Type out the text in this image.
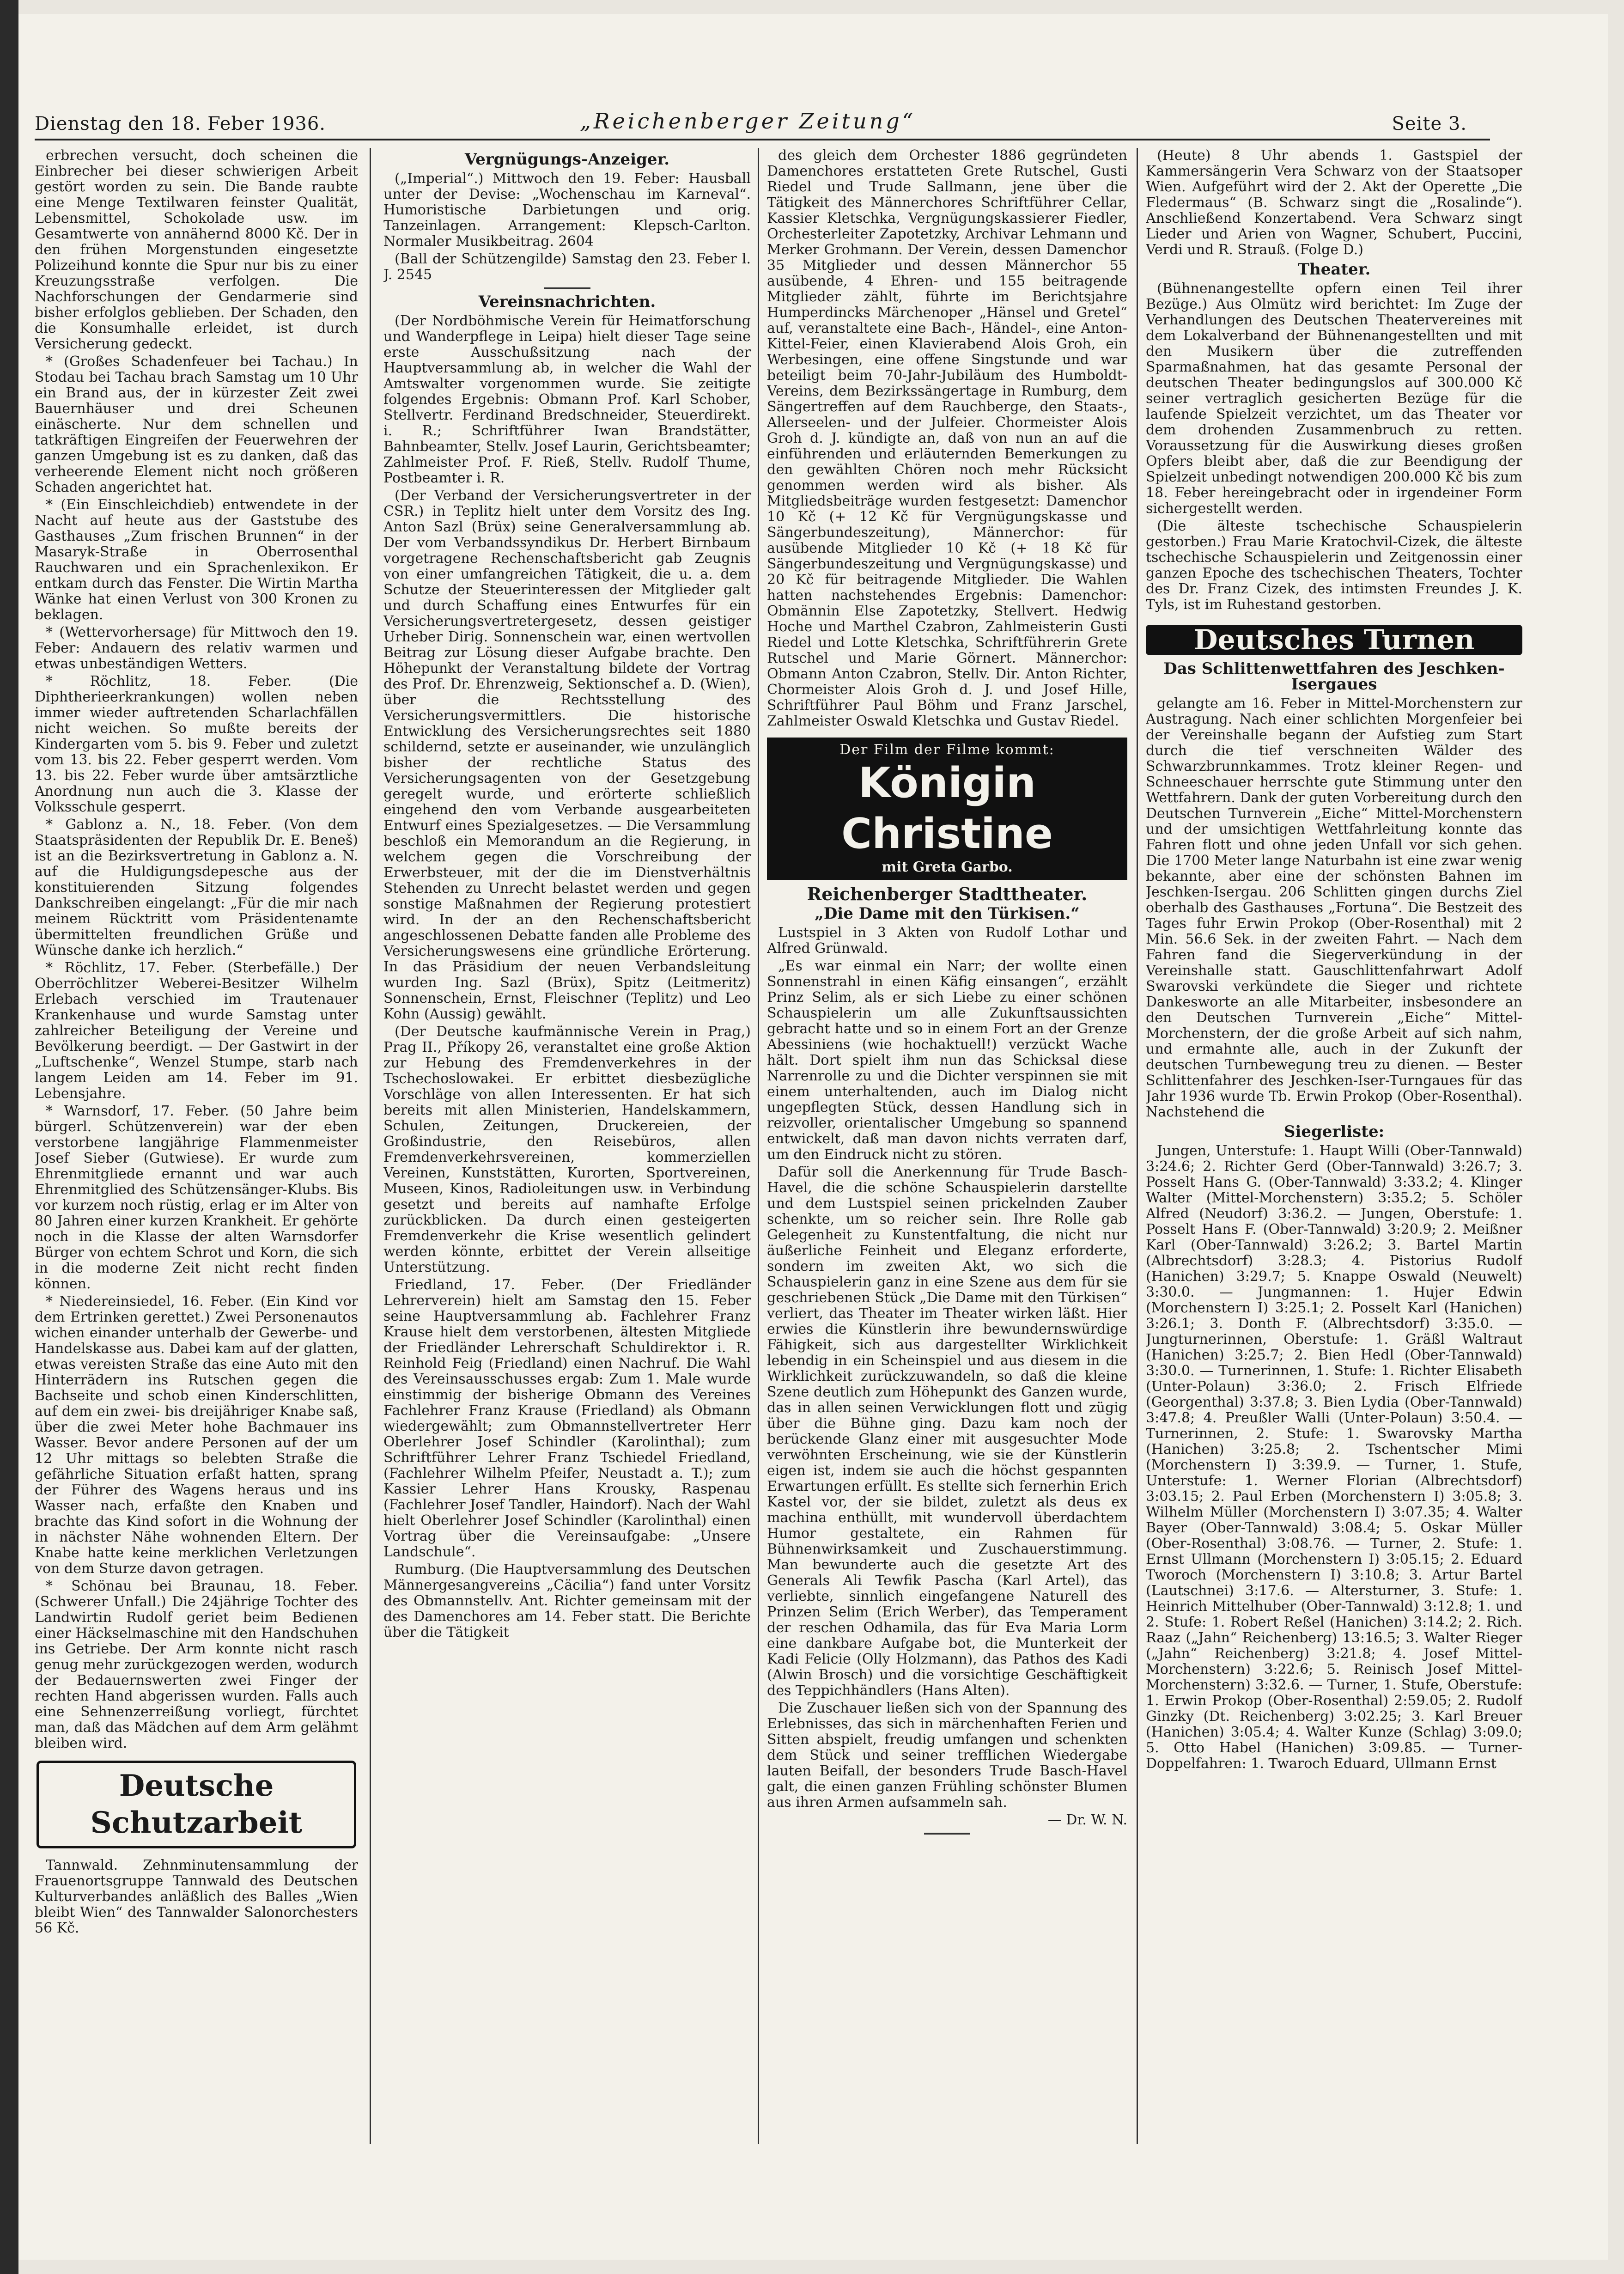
Dienstag den 18. Feber 1936.	„Reichenberger Zeitung“	Seite 3.

erbrechen versucht, doch scheinen die Einbrecher bei dieser schwierigen Arbeit gestört worden zu sein. Die Bande raubte eine Menge Textilwaren feinster Qualität, Lebensmittel, Schokolade usw. im Gesamtwerte von annähernd 8000 Kč. Der in den frühen Morgenstunden eingesetzte Polizeihund konnte die Spur nur bis zu einer Kreuzungsstraße verfolgen. Die Nachforschungen der Gendarmerie sind bisher erfolglos geblieben. Der Schaden, den die Konsumhalle erleidet, ist durch Versicherung gedeckt.

* (Großes Schadenfeuer bei Tachau.) In Stodau bei Tachau brach Samstag um 10 Uhr ein Brand aus, der in kürzester Zeit zwei Bauernhäuser und drei Scheunen einäscherte. Nur dem schnellen und tatkräftigen Eingreifen der Feuerwehren der ganzen Umgebung ist es zu danken, daß das verheerende Element nicht noch größeren Schaden angerichtet hat.

* (Ein Einschleichdieb) entwendete in der Nacht auf heute aus der Gaststube des Gasthauses „Zum frischen Brunnen“ in der Masaryk-Straße in Oberrosenthal Rauchwaren und ein Sprachenlexikon. Er entkam durch das Fenster. Die Wirtin Martha Wänke hat einen Verlust von 300 Kronen zu beklagen.

* (Wettervorhersage) für Mittwoch den 19. Feber: Andauern des relativ warmen und etwas unbeständigen Wetters.

* Röchlitz, 18. Feber. (Die Diphtherieerkrankungen) wollen neben immer wieder auftretenden Scharlachfällen nicht weichen. So mußte bereits der Kindergarten vom 5. bis 9. Feber und zuletzt vom 13. bis 22. Feber gesperrt werden. Vom 13. bis 22. Feber wurde über amtsärztliche Anordnung nun auch die 3. Klasse der Volksschule gesperrt.

* Gablonz a. N., 18. Feber. (Von dem Staatspräsidenten der Republik Dr. E. Beneš) ist an die Bezirksvertretung in Gablonz a. N. auf die Huldigungsdepesche aus der konstituierenden Sitzung folgendes Dankschreiben eingelangt: „Für die mir nach meinem Rücktritt vom Präsidentenamte übermittelten freundlichen Grüße und Wünsche danke ich herzlich.“

* Röchlitz, 17. Feber. (Sterbefälle.) Der Oberröchlitzer Weberei-Besitzer Wilhelm Erlebach verschied im Trautenauer Krankenhause und wurde Samstag unter zahlreicher Beteiligung der Vereine und Bevölkerung beerdigt. — Der Gastwirt in der „Luftschenke“, Wenzel Stumpe, starb nach langem Leiden am 14. Feber im 91. Lebensjahre.

* Warnsdorf, 17. Feber. (50 Jahre beim bürgerl. Schützenverein) war der eben verstorbene langjährige Flammenmeister Josef Sieber (Gutwiese). Er wurde zum Ehrenmitgliede ernannt und war auch Ehrenmitglied des Schützensänger-Klubs. Bis vor kurzem noch rüstig, erlag er im Alter von 80 Jahren einer kurzen Krankheit. Er gehörte noch in die Klasse der alten Warnsdorfer Bürger von echtem Schrot und Korn, die sich in die moderne Zeit nicht recht finden können.

* Niedereinsiedel, 16. Feber. (Ein Kind vor dem Ertrinken gerettet.) Zwei Personenautos wichen einander unterhalb der Gewerbe- und Handelskasse aus. Dabei kam auf der glatten, etwas vereisten Straße das eine Auto mit den Hinterrädern ins Rutschen gegen die Bachseite und schob einen Kinderschlitten, auf dem ein zwei- bis dreijähriger Knabe saß, über die zwei Meter hohe Bachmauer ins Wasser. Bevor andere Personen auf der um 12 Uhr mittags so belebten Straße die gefährliche Situation erfaßt hatten, sprang der Führer des Wagens heraus und ins Wasser nach, erfaßte den Knaben und brachte das Kind sofort in die Wohnung der in nächster Nähe wohnenden Eltern. Der Knabe hatte keine merklichen Verletzungen von dem Sturze davon getragen.

* Schönau bei Braunau, 18. Feber. (Schwerer Unfall.) Die 24jährige Tochter des Landwirtin Rudolf geriet beim Bedienen einer Häckselmaschine mit den Handschuhen ins Getriebe. Der Arm konnte nicht rasch genug mehr zurückgezogen werden, wodurch der Bedauernswerten zwei Finger der rechten Hand abgerissen wurden. Falls auch eine Sehnenzerreißung vorliegt, fürchtet man, daß das Mädchen auf dem Arm gelähmt bleiben wird.

Deutsche Schutzarbeit

Tannwald. Zehnminutensammlung der Frauenortsgruppe Tannwald des Deutschen Kulturverbandes anläßlich des Balles „Wien bleibt Wien“ des Tannwalder Salonorchesters 56 Kč.

Vergnügungs-Anzeiger.

(„Imperial“.) Mittwoch den 19. Feber: Hausball unter der Devise: „Wochenschau im Karneval“. Humoristische Darbietungen und orig. Tanzeinlagen. Arrangement: Klepsch-Carlton. Normaler Musikbeitrag. 2604

(Ball der Schützengilde) Samstag den 23. Feber l. J. 2545

Vereinsnachrichten.

(Der Nordböhmische Verein für Heimatforschung und Wanderpflege in Leipa) hielt dieser Tage seine erste Ausschußsitzung nach der Hauptversammlung ab, in welcher die Wahl der Amtswalter vorgenommen wurde. Sie zeitigte folgendes Ergebnis: Obmann Prof. Karl Schober, Stellvertr. Ferdinand Bredschneider, Steuerdirekt. i. R.; Schriftführer Iwan Brandstätter, Bahnbeamter, Stellv. Josef Laurin, Gerichtsbeamter; Zahlmeister Prof. F. Rieß, Stellv. Rudolf Thume, Postbeamter i. R.

(Der Verband der Versicherungsvertreter in der CSR.) in Teplitz hielt unter dem Vorsitz des Ing. Anton Sazl (Brüx) seine Generalversammlung ab. Der vom Verbandssyndikus Dr. Herbert Birnbaum vorgetragene Rechenschaftsbericht gab Zeugnis von einer umfangreichen Tätigkeit, die u. a. dem Schutze der Steuerinteressen der Mitglieder galt und durch Schaffung eines Entwurfes für ein Versicherungsvertretergesetz, dessen geistiger Urheber Dirig. Sonnenschein war, einen wertvollen Beitrag zur Lösung dieser Aufgabe brachte. Den Höhepunkt der Veranstaltung bildete der Vortrag des Prof. Dr. Ehrenzweig, Sektionschef a. D. (Wien), über die Rechtsstellung des Versicherungsvermittlers. Die historische Entwicklung des Versicherungsrechtes seit 1880 schildernd, setzte er auseinander, wie unzulänglich bisher der rechtliche Status des Versicherungsagenten von der Gesetzgebung geregelt wurde, und erörterte schließlich eingehend den vom Verbande ausgearbeiteten Entwurf eines Spezialgesetzes. — Die Versammlung beschloß ein Memorandum an die Regierung, in welchem gegen die Vorschreibung der Erwerbsteuer, mit der die im Dienstverhältnis Stehenden zu Unrecht belastet werden und gegen sonstige Maßnahmen der Regierung protestiert wird. In der an den Rechenschaftsbericht angeschlossenen Debatte fanden alle Probleme des Versicherungswesens eine gründliche Erörterung. In das Präsidium der neuen Verbandsleitung wurden Ing. Sazl (Brüx), Spitz (Leitmeritz) Sonnenschein, Ernst, Fleischner (Teplitz) und Leo Kohn (Aussig) gewählt.

(Der Deutsche kaufmännische Verein in Prag,) Prag II., Příkopy 26, veranstaltet eine große Aktion zur Hebung des Fremdenverkehres in der Tschechoslowakei. Er erbittet diesbezügliche Vorschläge von allen Interessenten. Er hat sich bereits mit allen Ministerien, Handelskammern, Schulen, Zeitungen, Druckereien, der Großindustrie, den Reisebüros, allen Fremdenverkehrsvereinen, kommerziellen Vereinen, Kunststätten, Kurorten, Sportvereinen, Museen, Kinos, Radioleitungen usw. in Verbindung gesetzt und bereits auf namhafte Erfolge zurückblicken. Da durch einen gesteigerten Fremdenverkehr die Krise wesentlich gelindert werden könnte, erbittet der Verein allseitige Unterstützung.

Friedland, 17. Feber. (Der Friedländer Lehrerverein) hielt am Samstag den 15. Feber seine Hauptversammlung ab. Fachlehrer Franz Krause hielt dem verstorbenen, ältesten Mitgliede der Friedländer Lehrerschaft Schuldirektor i. R. Reinhold Feig (Friedland) einen Nachruf. Die Wahl des Vereinsausschusses ergab: Zum 1. Male wurde einstimmig der bisherige Obmann des Vereines Fachlehrer Franz Krause (Friedland) als Obmann wiedergewählt; zum Obmannstellvertreter Herr Oberlehrer Josef Schindler (Karolinthal); zum Schriftführer Lehrer Franz Tschiedel Friedland, (Fachlehrer Wilhelm Pfeifer, Neustadt a. T.); zum Kassier Lehrer Hans Krousky, Raspenau (Fachlehrer Josef Tandler, Haindorf). Nach der Wahl hielt Oberlehrer Josef Schindler (Karolinthal) einen Vortrag über die Vereinsaufgabe: „Unsere Landschule“.

Rumburg. (Die Hauptversammlung des Deutschen Männergesangvereins „Cäcilia“) fand unter Vorsitz des Obmannstellv. Ant. Richter gemeinsam mit der des Damenchores am 14. Feber statt. Die Berichte über die Tätigkeit

des gleich dem Orchester 1886 gegründeten Damenchores erstatteten Grete Rutschel, Gusti Riedel und Trude Sallmann, jene über die Tätigkeit des Männerchores Schriftführer Cellar, Kassier Kletschka, Vergnügungskassierer Fiedler, Orchesterleiter Zapotetzky, Archivar Lehmann und Merker Grohmann. Der Verein, dessen Damenchor 35 Mitglieder und dessen Männerchor 55 ausübende, 4 Ehren- und 155 beitragende Mitglieder zählt, führte im Berichtsjahre Humperdincks Märchenoper „Hänsel und Gretel“ auf, veranstaltete eine Bach-, Händel-, eine Anton-Kittel-Feier, einen Klavierabend Alois Groh, ein Werbesingen, eine offene Singstunde und war beteiligt beim 70-Jahr-Jubiläum des Humboldt-Vereins, dem Bezirkssängertage in Rumburg, dem Sängertreffen auf dem Rauchberge, den Staats-, Allerseelen- und der Julfeier. Chormeister Alois Groh d. J. kündigte an, daß von nun an auf die einführenden und erläuternden Bemerkungen zu den gewählten Chören noch mehr Rücksicht genommen werden wird als bisher. Als Mitgliedsbeiträge wurden festgesetzt: Damenchor 10 Kč (+ 12 Kč für Vergnügungskasse und Sängerbundeszeitung), Männerchor: für ausübende Mitglieder 10 Kč (+ 18 Kč für Sängerbundeszeitung und Vergnügungskasse) und 20 Kč für beitragende Mitglieder. Die Wahlen hatten nachstehendes Ergebnis: Damenchor: Obmännin Else Zapotetzky, Stellvert. Hedwig Hoche und Marthel Czabron, Zahlmeisterin Gusti Riedel und Lotte Kletschka, Schriftführerin Grete Rutschel und Marie Görnert. Männerchor: Obmann Anton Czabron, Stellv. Dir. Anton Richter, Chormeister Alois Groh d. J. und Josef Hille, Schriftführer Paul Böhm und Franz Jarschel, Zahlmeister Oswald Kletschka und Gustav Riedel.

Der Film der Filme kommt:
Königin Christine
mit Greta Garbo.
Reichenberger Stadttheater.
„Die Dame mit den Türkisen.“

Lustspiel in 3 Akten von Rudolf Lothar und Alfred Grünwald.

„Es war einmal ein Narr; der wollte einen Sonnenstrahl in einen Käfig einsangen“, erzählt Prinz Selim, als er sich Liebe zu einer schönen Schauspielerin um alle Zukunftsaussichten gebracht hatte und so in einem Fort an der Grenze Abessiniens (wie hochaktuell!) verzückt Wache hält. Dort spielt ihm nun das Schicksal diese Narrenrolle zu und die Dichter verspinnen sie mit einem unterhaltenden, auch im Dialog nicht ungepflegten Stück, dessen Handlung sich in reizvoller, orientalischer Umgebung so spannend entwickelt, daß man davon nichts verraten darf, um den Eindruck nicht zu stören.

Dafür soll die Anerkennung für Trude Basch-Havel, die die schöne Schauspielerin darstellte und dem Lustspiel seinen prickelnden Zauber schenkte, um so reicher sein. Ihre Rolle gab Gelegenheit zu Kunstentfaltung, die nicht nur äußerliche Feinheit und Eleganz erforderte, sondern im zweiten Akt, wo sich die Schauspielerin ganz in eine Szene aus dem für sie geschriebenen Stück „Die Dame mit den Türkisen“ verliert, das Theater im Theater wirken läßt. Hier erwies die Künstlerin ihre bewundernswürdige Fähigkeit, sich aus dargestellter Wirklichkeit lebendig in ein Scheinspiel und aus diesem in die Wirklichkeit zurückzuwandeln, so daß die kleine Szene deutlich zum Höhepunkt des Ganzen wurde, das in allen seinen Verwicklungen flott und zügig über die Bühne ging. Dazu kam noch der berückende Glanz einer mit ausgesuchter Mode verwöhnten Erscheinung, wie sie der Künstlerin eigen ist, indem sie auch die höchst gespannten Erwartungen erfüllt. Es stellte sich fernerhin Erich Kastel vor, der sie bildet, zuletzt als deus ex machina enthüllt, mit wundervoll überdachtem Humor gestaltete, ein Rahmen für Bühnenwirksamkeit und Zuschauerstimmung. Man bewunderte auch die gesetzte Art des Generals Ali Tewfik Pascha (Karl Artel), das verliebte, sinnlich eingefangene Naturell des Prinzen Selim (Erich Werber), das Temperament der reschen Odhamila, das für Eva Maria Lorm eine dankbare Aufgabe bot, die Munterkeit der Kadi Felicie (Olly Holzmann), das Pathos des Kadi (Alwin Brosch) und die vorsichtige Geschäftigkeit des Teppichhändlers (Hans Alten).

Die Zuschauer ließen sich von der Spannung des Erlebnisses, das sich in märchenhaften Ferien und Sitten abspielt, freudig umfangen und schenkten dem Stück und seiner trefflichen Wiedergabe lauten Beifall, der besonders Trude Basch-Havel galt, die einen ganzen Frühling schönster Blumen aus ihren Armen aufsammeln sah.

— Dr. W. N.

(Heute) 8 Uhr abends 1. Gastspiel der Kammersängerin Vera Schwarz von der Staatsoper Wien. Aufgeführt wird der 2. Akt der Operette „Die Fledermaus“ (B. Schwarz singt die „Rosalinde“). Anschließend Konzertabend. Vera Schwarz singt Lieder und Arien von Wagner, Schubert, Puccini, Verdi und R. Strauß. (Folge D.)

Theater.

(Bühnenangestellte opfern einen Teil ihrer Bezüge.) Aus Olmütz wird berichtet: Im Zuge der Verhandlungen des Deutschen Theatervereines mit dem Lokalverband der Bühnenangestellten und mit den Musikern über die zutreffenden Sparmaßnahmen, hat das gesamte Personal der deutschen Theater bedingungslos auf 300.000 Kč seiner vertraglich gesicherten Bezüge für die laufende Spielzeit verzichtet, um das Theater vor dem drohenden Zusammenbruch zu retten. Voraussetzung für die Auswirkung dieses großen Opfers bleibt aber, daß die zur Beendigung der Spielzeit unbedingt notwendigen 200.000 Kč bis zum 18. Feber hereingebracht oder in irgendeiner Form sichergestellt werden.

(Die älteste tschechische Schauspielerin gestorben.) Frau Marie Kratochvil-Cizek, die älteste tschechische Schauspielerin und Zeitgenossin einer ganzen Epoche des tschechischen Theaters, Tochter des Dr. Franz Cizek, des intimsten Freundes J. K. Tyls, ist im Ruhestand gestorben.

Deutsches Turnen
Das Schlittenwettfahren des Jeschken-Isergaues

gelangte am 16. Feber in Mittel-Morchenstern zur Austragung. Nach einer schlichten Morgenfeier bei der Vereinshalle begann der Aufstieg zum Start durch die tief verschneiten Wälder des Schwarzbrunnkammes. Trotz kleiner Regen- und Schneeschauer herrschte gute Stimmung unter den Wettfahrern. Dank der guten Vorbereitung durch den Deutschen Turnverein „Eiche“ Mittel-Morchenstern und der umsichtigen Wettfahrleitung konnte das Fahren flott und ohne jeden Unfall vor sich gehen. Die 1700 Meter lange Naturbahn ist eine zwar wenig bekannte, aber eine der schönsten Bahnen im Jeschken-Isergau. 206 Schlitten gingen durchs Ziel oberhalb des Gasthauses „Fortuna“. Die Bestzeit des Tages fuhr Erwin Prokop (Ober-Rosenthal) mit 2 Min. 56.6 Sek. in der zweiten Fahrt. — Nach dem Fahren fand die Siegerverkündung in der Vereinshalle statt. Gauschlittenfahrwart Adolf Swarovski verkündete die Sieger und richtete Dankesworte an alle Mitarbeiter, insbesondere an den Deutschen Turnverein „Eiche“ Mittel-Morchenstern, der die große Arbeit auf sich nahm, und ermahnte alle, auch in der Zukunft der deutschen Turnbewegung treu zu dienen. — Bester Schlittenfahrer des Jeschken-Iser-Turngaues für das Jahr 1936 wurde Tb. Erwin Prokop (Ober-Rosenthal). Nachstehend die

Siegerliste:

Jungen, Unterstufe: 1. Haupt Willi (Ober-Tannwald) 3:24.6; 2. Richter Gerd (Ober-Tannwald) 3:26.7; 3. Posselt Hans G. (Ober-Tannwald) 3:33.2; 4. Klinger Walter (Mittel-Morchenstern) 3:35.2; 5. Schöler Alfred (Neudorf) 3:36.2. — Jungen, Oberstufe: 1. Posselt Hans F. (Ober-Tannwald) 3:20.9; 2. Meißner Karl (Ober-Tannwald) 3:26.2; 3. Bartel Martin (Albrechtsdorf) 3:28.3; 4. Pistorius Rudolf (Hanichen) 3:29.7; 5. Knappe Oswald (Neuwelt) 3:30.0. — Jungmannen: 1. Hujer Edwin (Morchenstern I) 3:25.1; 2. Posselt Karl (Hanichen) 3:26.1; 3. Donth F. (Albrechtsdorf) 3:35.0. — Jungturnerinnen, Oberstufe: 1. Gräßl Waltraut (Hanichen) 3:25.7; 2. Bien Hedl (Ober-Tannwald) 3:30.0. — Turnerinnen, 1. Stufe: 1. Richter Elisabeth (Unter-Polaun) 3:36.0; 2. Frisch Elfriede (Georgenthal) 3:37.8; 3. Bien Lydia (Ober-Tannwald) 3:47.8; 4. Preußler Walli (Unter-Polaun) 3:50.4. — Turnerinnen, 2. Stufe: 1. Swarovsky Martha (Hanichen) 3:25.8; 2. Tschentscher Mimi (Morchenstern I) 3:39.9. — Turner, 1. Stufe, Unterstufe: 1. Werner Florian (Albrechtsdorf) 3:03.15; 2. Paul Erben (Morchenstern I) 3:05.8; 3. Wilhelm Müller (Morchenstern I) 3:07.35; 4. Walter Bayer (Ober-Tannwald) 3:08.4; 5. Oskar Müller (Ober-Rosenthal) 3:08.76. — Turner, 2. Stufe: 1. Ernst Ullmann (Morchenstern I) 3:05.15; 2. Eduard Tworoch (Morchenstern I) 3:10.8; 3. Artur Bartel (Lautschnei) 3:17.6. — Altersturner, 3. Stufe: 1. Heinrich Mittelhuber (Ober-Tannwald) 3:12.8; 1. und 2. Stufe: 1. Robert Reßel (Hanichen) 3:14.2; 2. Rich. Raaz („Jahn“ Reichenberg) 13:16.5; 3. Walter Rieger („Jahn“ Reichenberg) 3:21.8; 4. Josef Mittel-Morchenstern) 3:22.6; 5. Reinisch Josef Mittel-Morchenstern) 3:32.6. — Turner, 1. Stufe, Oberstufe: 1. Erwin Prokop (Ober-Rosenthal) 2:59.05; 2. Rudolf Ginzky (Dt. Reichenberg) 3:02.25; 3. Karl Breuer (Hanichen) 3:05.4; 4. Walter Kunze (Schlag) 3:09.0; 5. Otto Habel (Hanichen) 3:09.85. — Turner-Doppelfahren: 1. Twaroch Eduard, Ullmann Ernst
